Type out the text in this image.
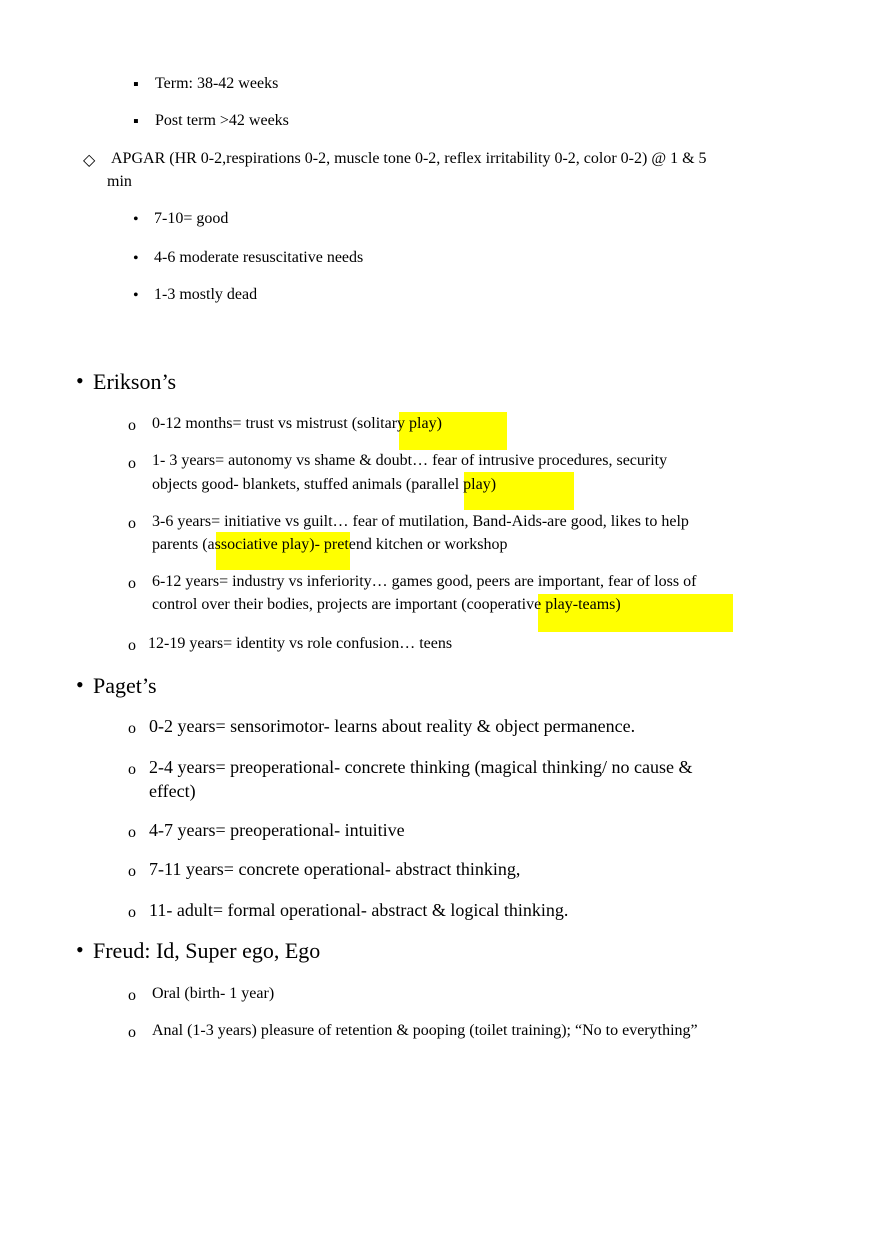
▪ Term: 38-42 weeks
▪ Post term >42 weeks
◇ APGAR (HR 0-2,respirations 0-2, muscle tone 0-2, reflex irritability 0-2, color 0-2) @ 1 & 5
min
• 7-10= good
• 4-6 moderate resuscitative needs
• 1-3 mostly dead
• Erikson’s
o 0-12 months= trust vs mistrust (solitary play)
o 1- 3 years= autonomy vs shame & doubt… fear of intrusive procedures, security
objects good- blankets, stuffed animals (parallel play)
o 3-6 years= initiative vs guilt… fear of mutilation, Band-Aids-are good, likes to help
parents (associative play)- pretend kitchen or workshop
o 6-12 years= industry vs inferiority… games good, peers are important, fear of loss of
control over their bodies, projects are important (cooperative play-teams)
o 12-19 years= identity vs role confusion… teens
• Paget’s
o 0-2 years= sensorimotor- learns about reality & object permanence.
o 2-4 years= preoperational- concrete thinking (magical thinking/ no cause &
effect)
o 4-7 years= preoperational- intuitive
o 7-11 years= concrete operational- abstract thinking,
o 11- adult= formal operational- abstract & logical thinking.
• Freud: Id, Super ego, Ego
o Oral (birth- 1 year)
o Anal (1-3 years) pleasure of retention & pooping (toilet training); “No to everything”
